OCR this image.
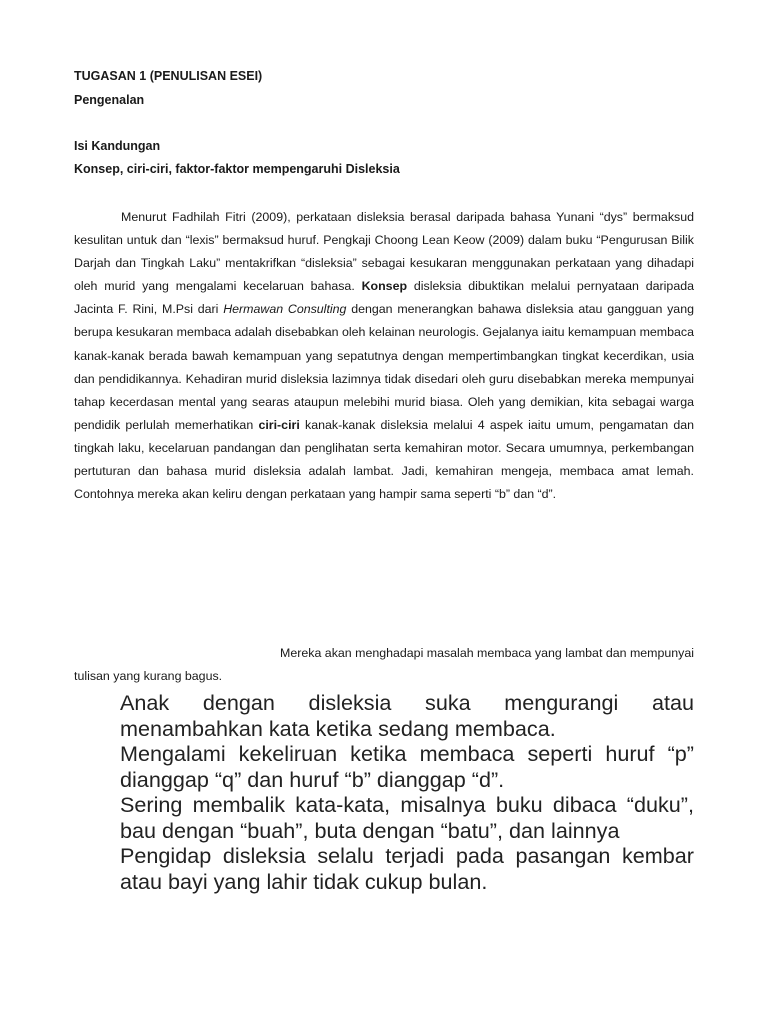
TUGASAN 1 (PENULISAN ESEI)
Pengenalan
Isi Kandungan
Konsep, ciri-ciri, faktor-faktor mempengaruhi Disleksia
Menurut Fadhilah Fitri (2009), perkataan disleksia berasal daripada bahasa Yunani “dys” bermaksud kesulitan untuk dan “lexis” bermaksud huruf. Pengkaji Choong Lean Keow (2009) dalam buku “Pengurusan Bilik Darjah dan Tingkah Laku” mentakrifkan “disleksia” sebagai kesukaran menggunakan perkataan yang dihadapi oleh murid yang mengalami kecelaruan bahasa. Konsep disleksia dibuktikan melalui pernyataan daripada Jacinta F. Rini, M.Psi dari Hermawan Consulting dengan menerangkan bahawa disleksia atau gangguan yang berupa kesukaran membaca adalah disebabkan oleh kelainan neurologis. Gejalanya iaitu kemampuan membaca kanak-kanak berada bawah kemampuan yang sepatutnya dengan mempertimbangkan tingkat kecerdikan, usia dan pendidikannya. Kehadiran murid disleksia lazimnya tidak disedari oleh guru disebabkan mereka mempunyai tahap kecerdasan mental yang searas ataupun melebihi murid biasa. Oleh yang demikian, kita sebagai warga pendidik perlulah memerhatikan ciri-ciri kanak-kanak disleksia melalui 4 aspek iaitu umum, pengamatan dan tingkah laku, kecelaruan pandangan dan penglihatan serta kemahiran motor. Secara umumnya, perkembangan pertuturan dan bahasa murid disleksia adalah lambat. Jadi, kemahiran mengeja, membaca amat lemah. Contohnya mereka akan keliru dengan perkataan yang hampir sama seperti “b” dan “d”.
Mereka akan menghadapi masalah membaca yang lambat dan mempunyai
tulisan yang kurang bagus.

Anak dengan disleksia suka mengurangi atau menambahkan kata ketika sedang membaca.

Mengalami kekeliruan ketika membaca seperti huruf “p” dianggap “q” dan huruf “b” dianggap “d”.

Sering membalik kata-kata, misalnya buku dibaca “duku”, bau dengan “buah”, buta dengan “batu”, dan lainnya

Pengidap disleksia selalu terjadi pada pasangan kembar atau bayi yang lahir tidak cukup bulan.
